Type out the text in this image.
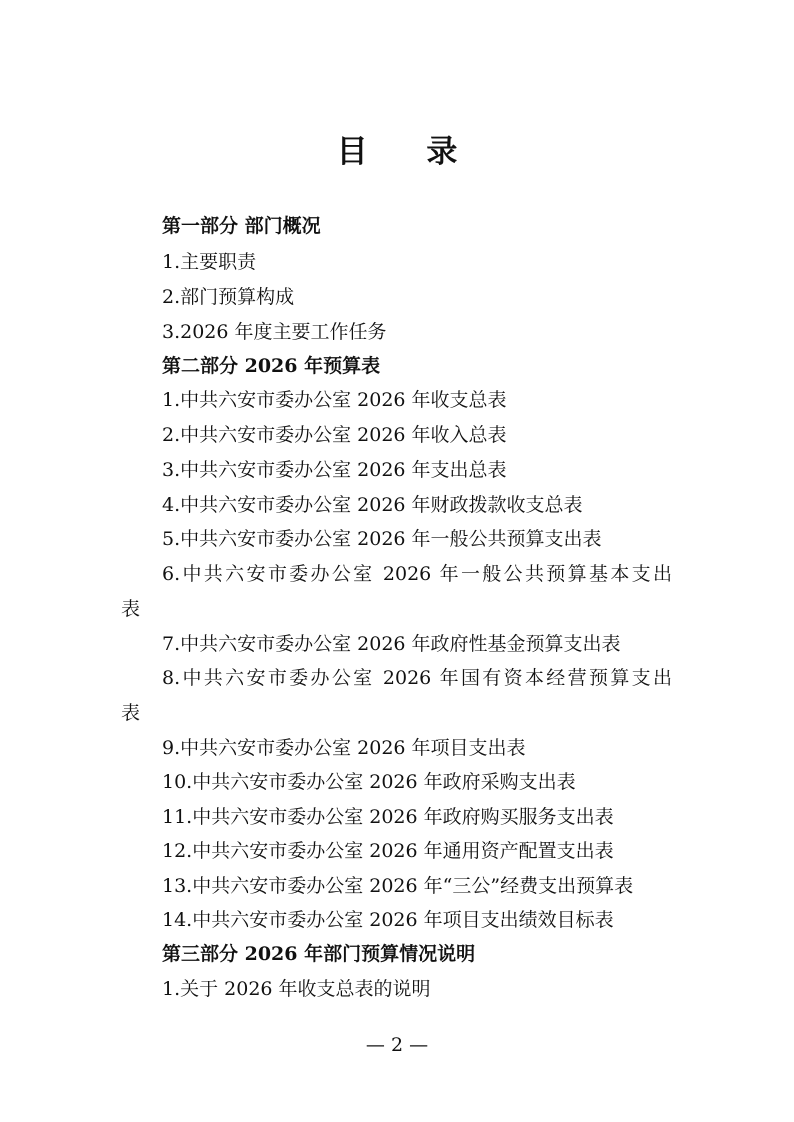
目 录
第一部分 部门概况
1.主要职责
2.部门预算构成
3.2026 年度主要工作任务
第二部分 2026 年预算表
1.中共六安市委办公室 2026 年收支总表
2.中共六安市委办公室 2026 年收入总表
3.中共六安市委办公室 2026 年支出总表
4.中共六安市委办公室 2026 年财政拨款收支总表
5.中共六安市委办公室 2026 年一般公共预算支出表
6.中共六安市委办公室 2026 年一般公共预算基本支出
表
7.中共六安市委办公室 2026 年政府性基金预算支出表
8.中共六安市委办公室 2026 年国有资本经营预算支出
表
9.中共六安市委办公室 2026 年项目支出表
10.中共六安市委办公室 2026 年政府采购支出表
11.中共六安市委办公室 2026 年政府购买服务支出表
12.中共六安市委办公室 2026 年通用资产配置支出表
13.中共六安市委办公室 2026 年“三公”经费支出预算表
14.中共六安市委办公室 2026 年项目支出绩效目标表
第三部分 2026 年部门预算情况说明
1.关于 2026 年收支总表的说明
— 2 —
